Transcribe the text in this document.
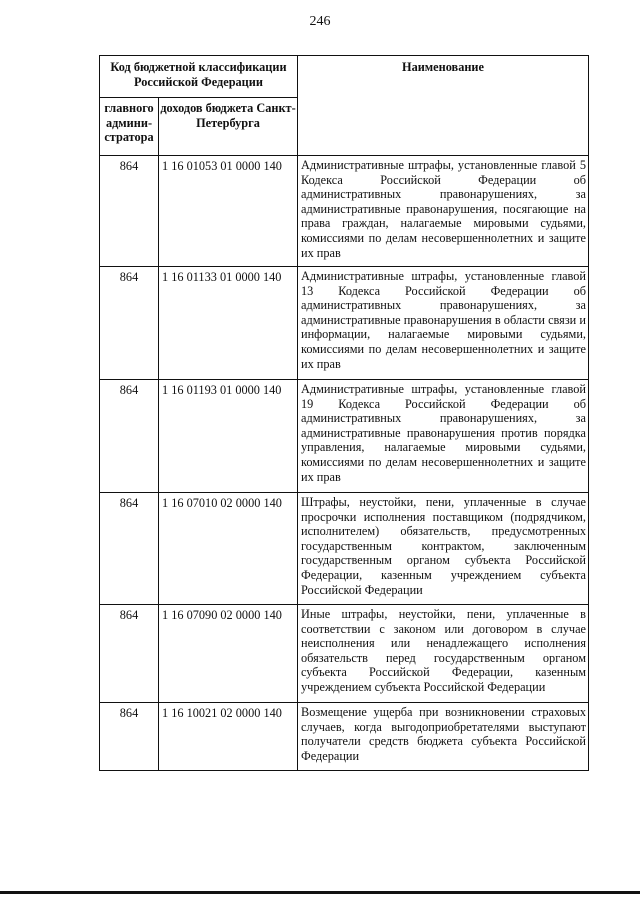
246
Код бюджетной классификации Российской Федерации		Наименование
главного админи-стратора	доходов бюджета Санкт-Петербурга	
864	1 16 01053 01 0000 140	Административные штрафы, установленные главой 5 Кодекса Российской Федерации об административных правонарушениях, за административные правонарушения, посягающие на права граждан, налагаемые мировыми судьями, комиссиями по делам несовершеннолетних и защите их прав
864	1 16 01133 01 0000 140	Административные штрафы, установленные главой 13 Кодекса Российской Федерации об административных правонарушениях, за административные правонарушения в области связи и информации, налагаемые мировыми судьями, комиссиями по делам несовершеннолетних и защите их прав
864	1 16 01193 01 0000 140	Административные штрафы, установленные главой 19 Кодекса Российской Федерации об административных правонарушениях, за административные правонарушения против порядка управления, налагаемые мировыми судьями, комиссиями по делам несовершеннолетних и защите их прав
864	1 16 07010 02 0000 140	Штрафы, неустойки, пени, уплаченные в случае просрочки исполнения поставщиком (подрядчиком, исполнителем) обязательств, предусмотренных государственным контрактом, заключенным государственным органом субъекта Российской Федерации, казенным учреждением субъекта Российской Федерации
864	1 16 07090 02 0000 140	Иные штрафы, неустойки, пени, уплаченные в соответствии с законом или договором в случае неисполнения или ненадлежащего исполнения обязательств перед государственным органом субъекта Российской Федерации, казенным учреждением субъекта Российской Федерации
864	1 16 10021 02 0000 140	Возмещение ущерба при возникновении страховых случаев, когда выгодоприобретателями выступают получатели средств бюджета субъекта Российской Федерации
